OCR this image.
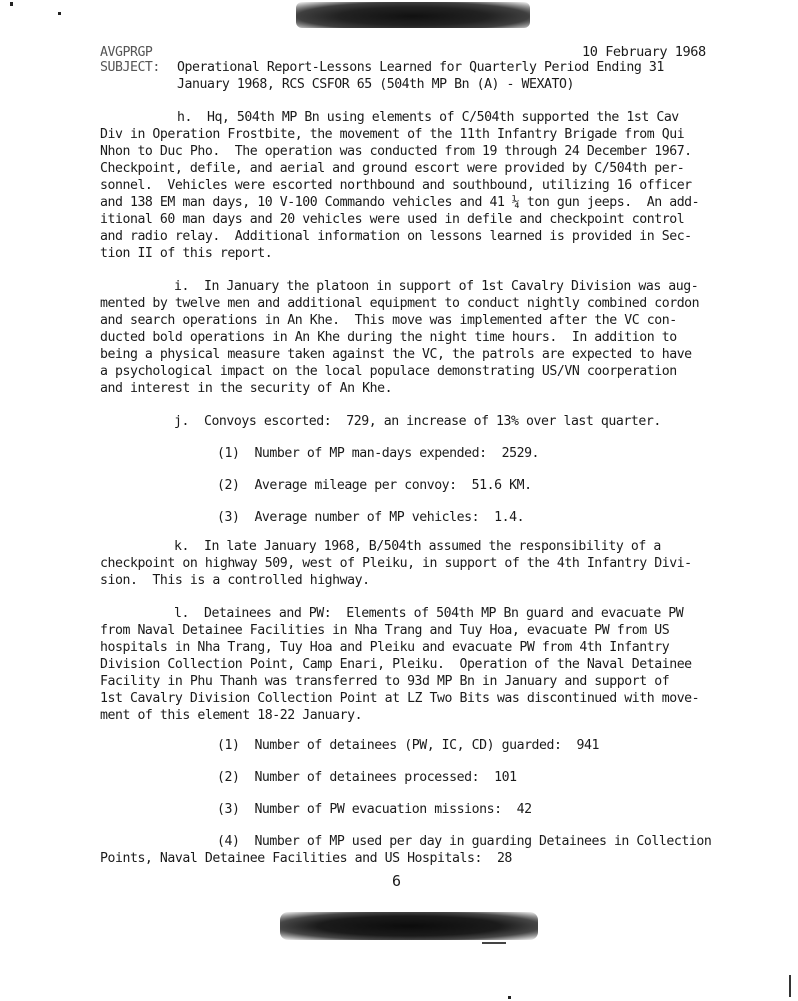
AVGPRGP	10 February 1968
SUBJECT: Operational Report-Lessons Learned for Quarterly Period Ending 31
January 1968, RCS CSFOR 65 (504th MP Bn (A) - WEXATO)
h.  Hq, 504th MP Bn using elements of C/504th supported the 1st Cav
Div in Operation Frostbite, the movement of the 11th Infantry Brigade from Qui
Nhon to Duc Pho.  The operation was conducted from 19 through 24 December 1967.
Checkpoint, defile, and aerial and ground escort were provided by C/504th per-
sonnel.  Vehicles were escorted northbound and southbound, utilizing 16 officer
and 138 EM man days, 10 V-100 Commando vehicles and 41 ¼ ton gun jeeps.  An add-
itional 60 man days and 20 vehicles were used in defile and checkpoint control
and radio relay.  Additional information on lessons learned is provided in Sec-
tion II of this report.
i.  In January the platoon in support of 1st Cavalry Division was aug-
mented by twelve men and additional equipment to conduct nightly combined cordon
and search operations in An Khe.  This move was implemented after the VC con-
ducted bold operations in An Khe during the night time hours.  In addition to
being a physical measure taken against the VC, the patrols are expected to have
a psychological impact on the local populace demonstrating US/VN coorperation
and interest in the security of An Khe.
j.  Convoys escorted:  729, an increase of 13% over last quarter.
(1)  Number of MP man-days expended:  2529.
(2)  Average mileage per convoy:  51.6 KM.
(3)  Average number of MP vehicles:  1.4.
k.  In late January 1968, B/504th assumed the responsibility of a
checkpoint on highway 509, west of Pleiku, in support of the 4th Infantry Divi-
sion.  This is a controlled highway.
l.  Detainees and PW:  Elements of 504th MP Bn guard and evacuate PW
from Naval Detainee Facilities in Nha Trang and Tuy Hoa, evacuate PW from US
hospitals in Nha Trang, Tuy Hoa and Pleiku and evacuate PW from 4th Infantry
Division Collection Point, Camp Enari, Pleiku.  Operation of the Naval Detainee
Facility in Phu Thanh was transferred to 93d MP Bn in January and support of
1st Cavalry Division Collection Point at LZ Two Bits was discontinued with move-
ment of this element 18-22 January.
(1)  Number of detainees (PW, IC, CD) guarded:  941
(2)  Number of detainees processed:  101
(3)  Number of PW evacuation missions:  42
(4)  Number of MP used per day in guarding Detainees in Collection
Points, Naval Detainee Facilities and US Hospitals:  28
6
